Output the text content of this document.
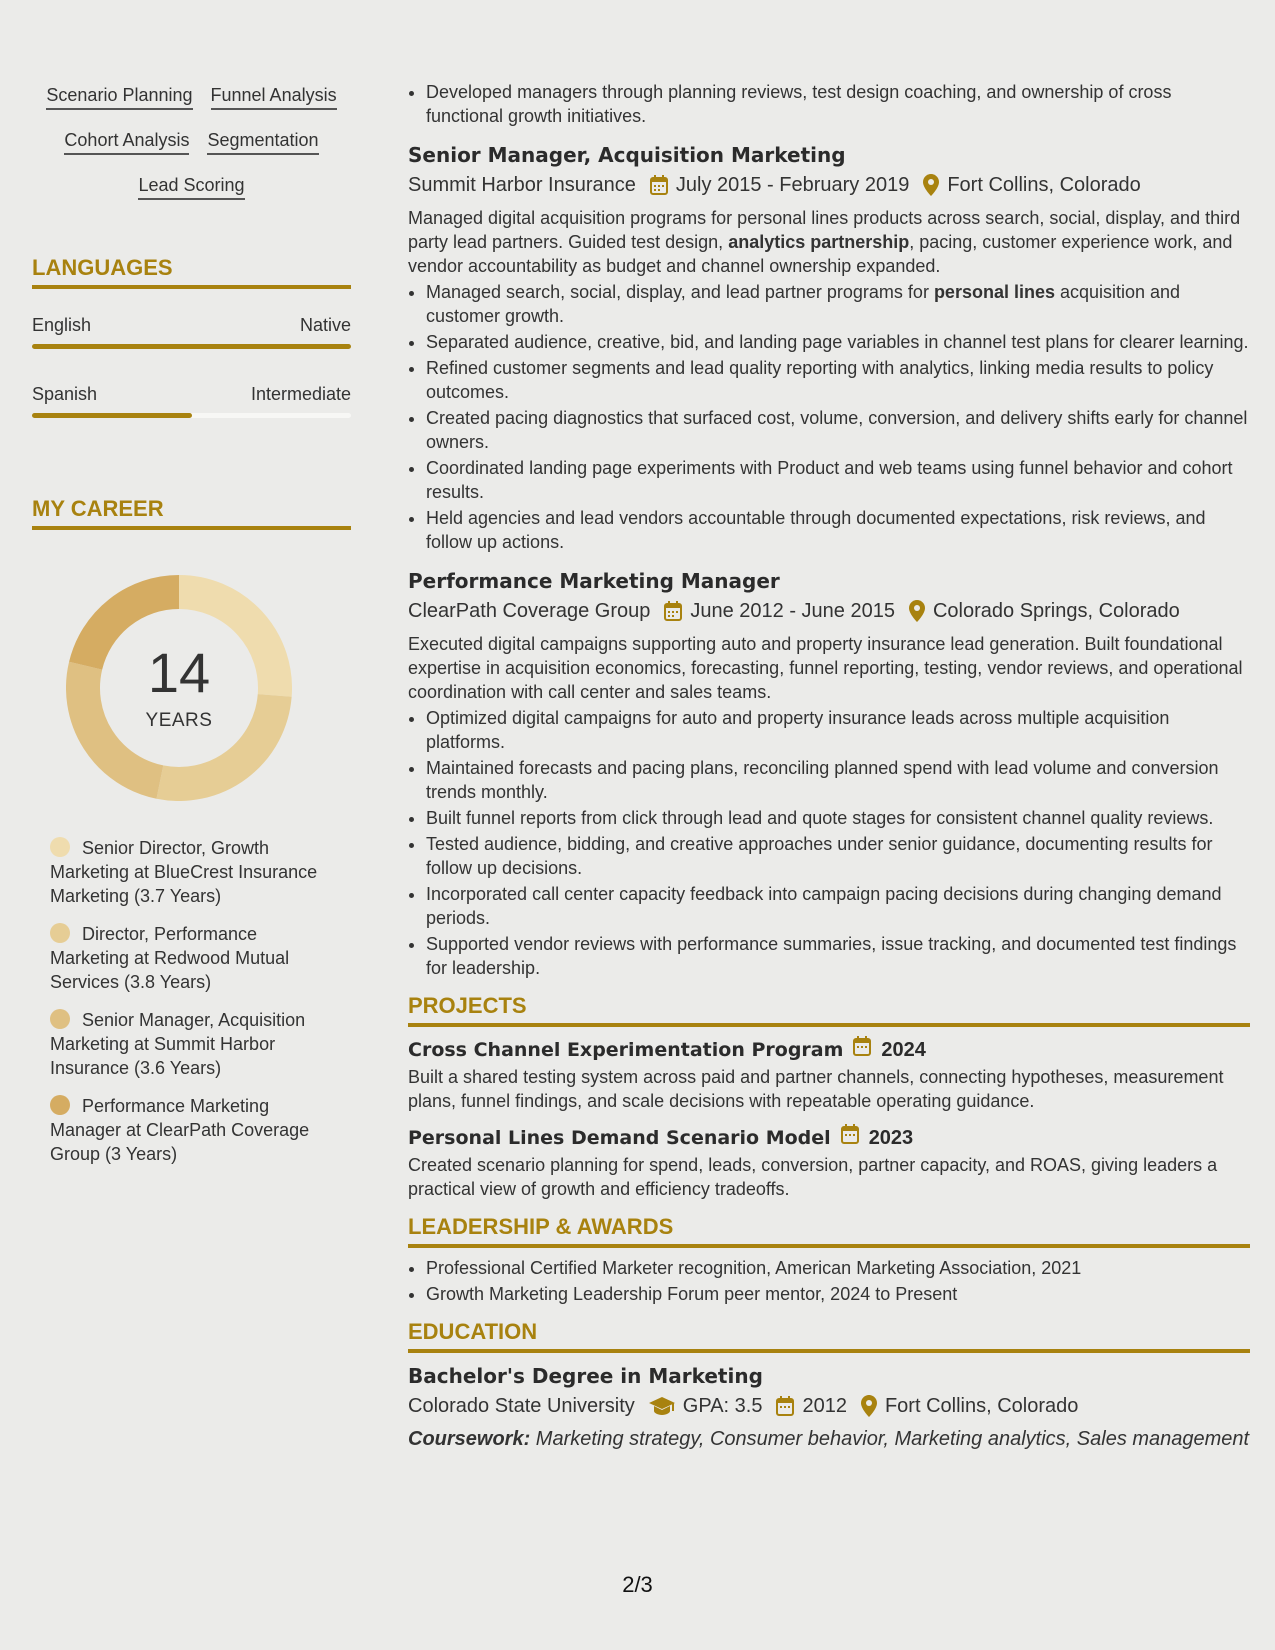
Scenario Planning Funnel Analysis
Cohort Analysis Segmentation
Lead Scoring
LANGUAGES
English	Native
Spanish	Intermediate
MY CAREER
14
YEARS
Senior Director, Growth Marketing at BlueCrest Insurance Marketing (3.7 Years)
Director, Performance Marketing at Redwood Mutual Services (3.8 Years)
Senior Manager, Acquisition Marketing at Summit Harbor Insurance (3.6 Years)
Performance Marketing Manager at ClearPath Coverage Group (3 Years)
• Developed managers through planning reviews, test design coaching, and ownership of cross functional growth initiatives.
Senior Manager, Acquisition Marketing
Summit Harbor Insurance July 2015 - February 2019 Fort Collins, Colorado
Managed digital acquisition programs for personal lines products across search, social, display, and third party lead partners. Guided test design, analytics partnership, pacing, customer experience work, and vendor accountability as budget and channel ownership expanded.
• Managed search, social, display, and lead partner programs for personal lines acquisition and customer growth.
• Separated audience, creative, bid, and landing page variables in channel test plans for clearer learning.
• Refined customer segments and lead quality reporting with analytics, linking media results to policy outcomes.
• Created pacing diagnostics that surfaced cost, volume, conversion, and delivery shifts early for channel owners.
• Coordinated landing page experiments with Product and web teams using funnel behavior and cohort results.
• Held agencies and lead vendors accountable through documented expectations, risk reviews, and follow up actions.
Performance Marketing Manager
ClearPath Coverage Group June 2012 - June 2015 Colorado Springs, Colorado
Executed digital campaigns supporting auto and property insurance lead generation. Built foundational expertise in acquisition economics, forecasting, funnel reporting, testing, vendor reviews, and operational coordination with call center and sales teams.
• Optimized digital campaigns for auto and property insurance leads across multiple acquisition platforms.
• Maintained forecasts and pacing plans, reconciling planned spend with lead volume and conversion trends monthly.
• Built funnel reports from click through lead and quote stages for consistent channel quality reviews.
• Tested audience, bidding, and creative approaches under senior guidance, documenting results for follow up decisions.
• Incorporated call center capacity feedback into campaign pacing decisions during changing demand periods.
• Supported vendor reviews with performance summaries, issue tracking, and documented test findings for leadership.
PROJECTS
Cross Channel Experimentation Program 2024
Built a shared testing system across paid and partner channels, connecting hypotheses, measurement plans, funnel findings, and scale decisions with repeatable operating guidance.
Personal Lines Demand Scenario Model 2023
Created scenario planning for spend, leads, conversion, partner capacity, and ROAS, giving leaders a practical view of growth and efficiency tradeoffs.
LEADERSHIP & AWARDS
• Professional Certified Marketer recognition, American Marketing Association, 2021
• Growth Marketing Leadership Forum peer mentor, 2024 to Present
EDUCATION
Bachelor's Degree in Marketing
Colorado State University GPA: 3.5 2012 Fort Collins, Colorado
Coursework: Marketing strategy, Consumer behavior, Marketing analytics, Sales management
2/3
